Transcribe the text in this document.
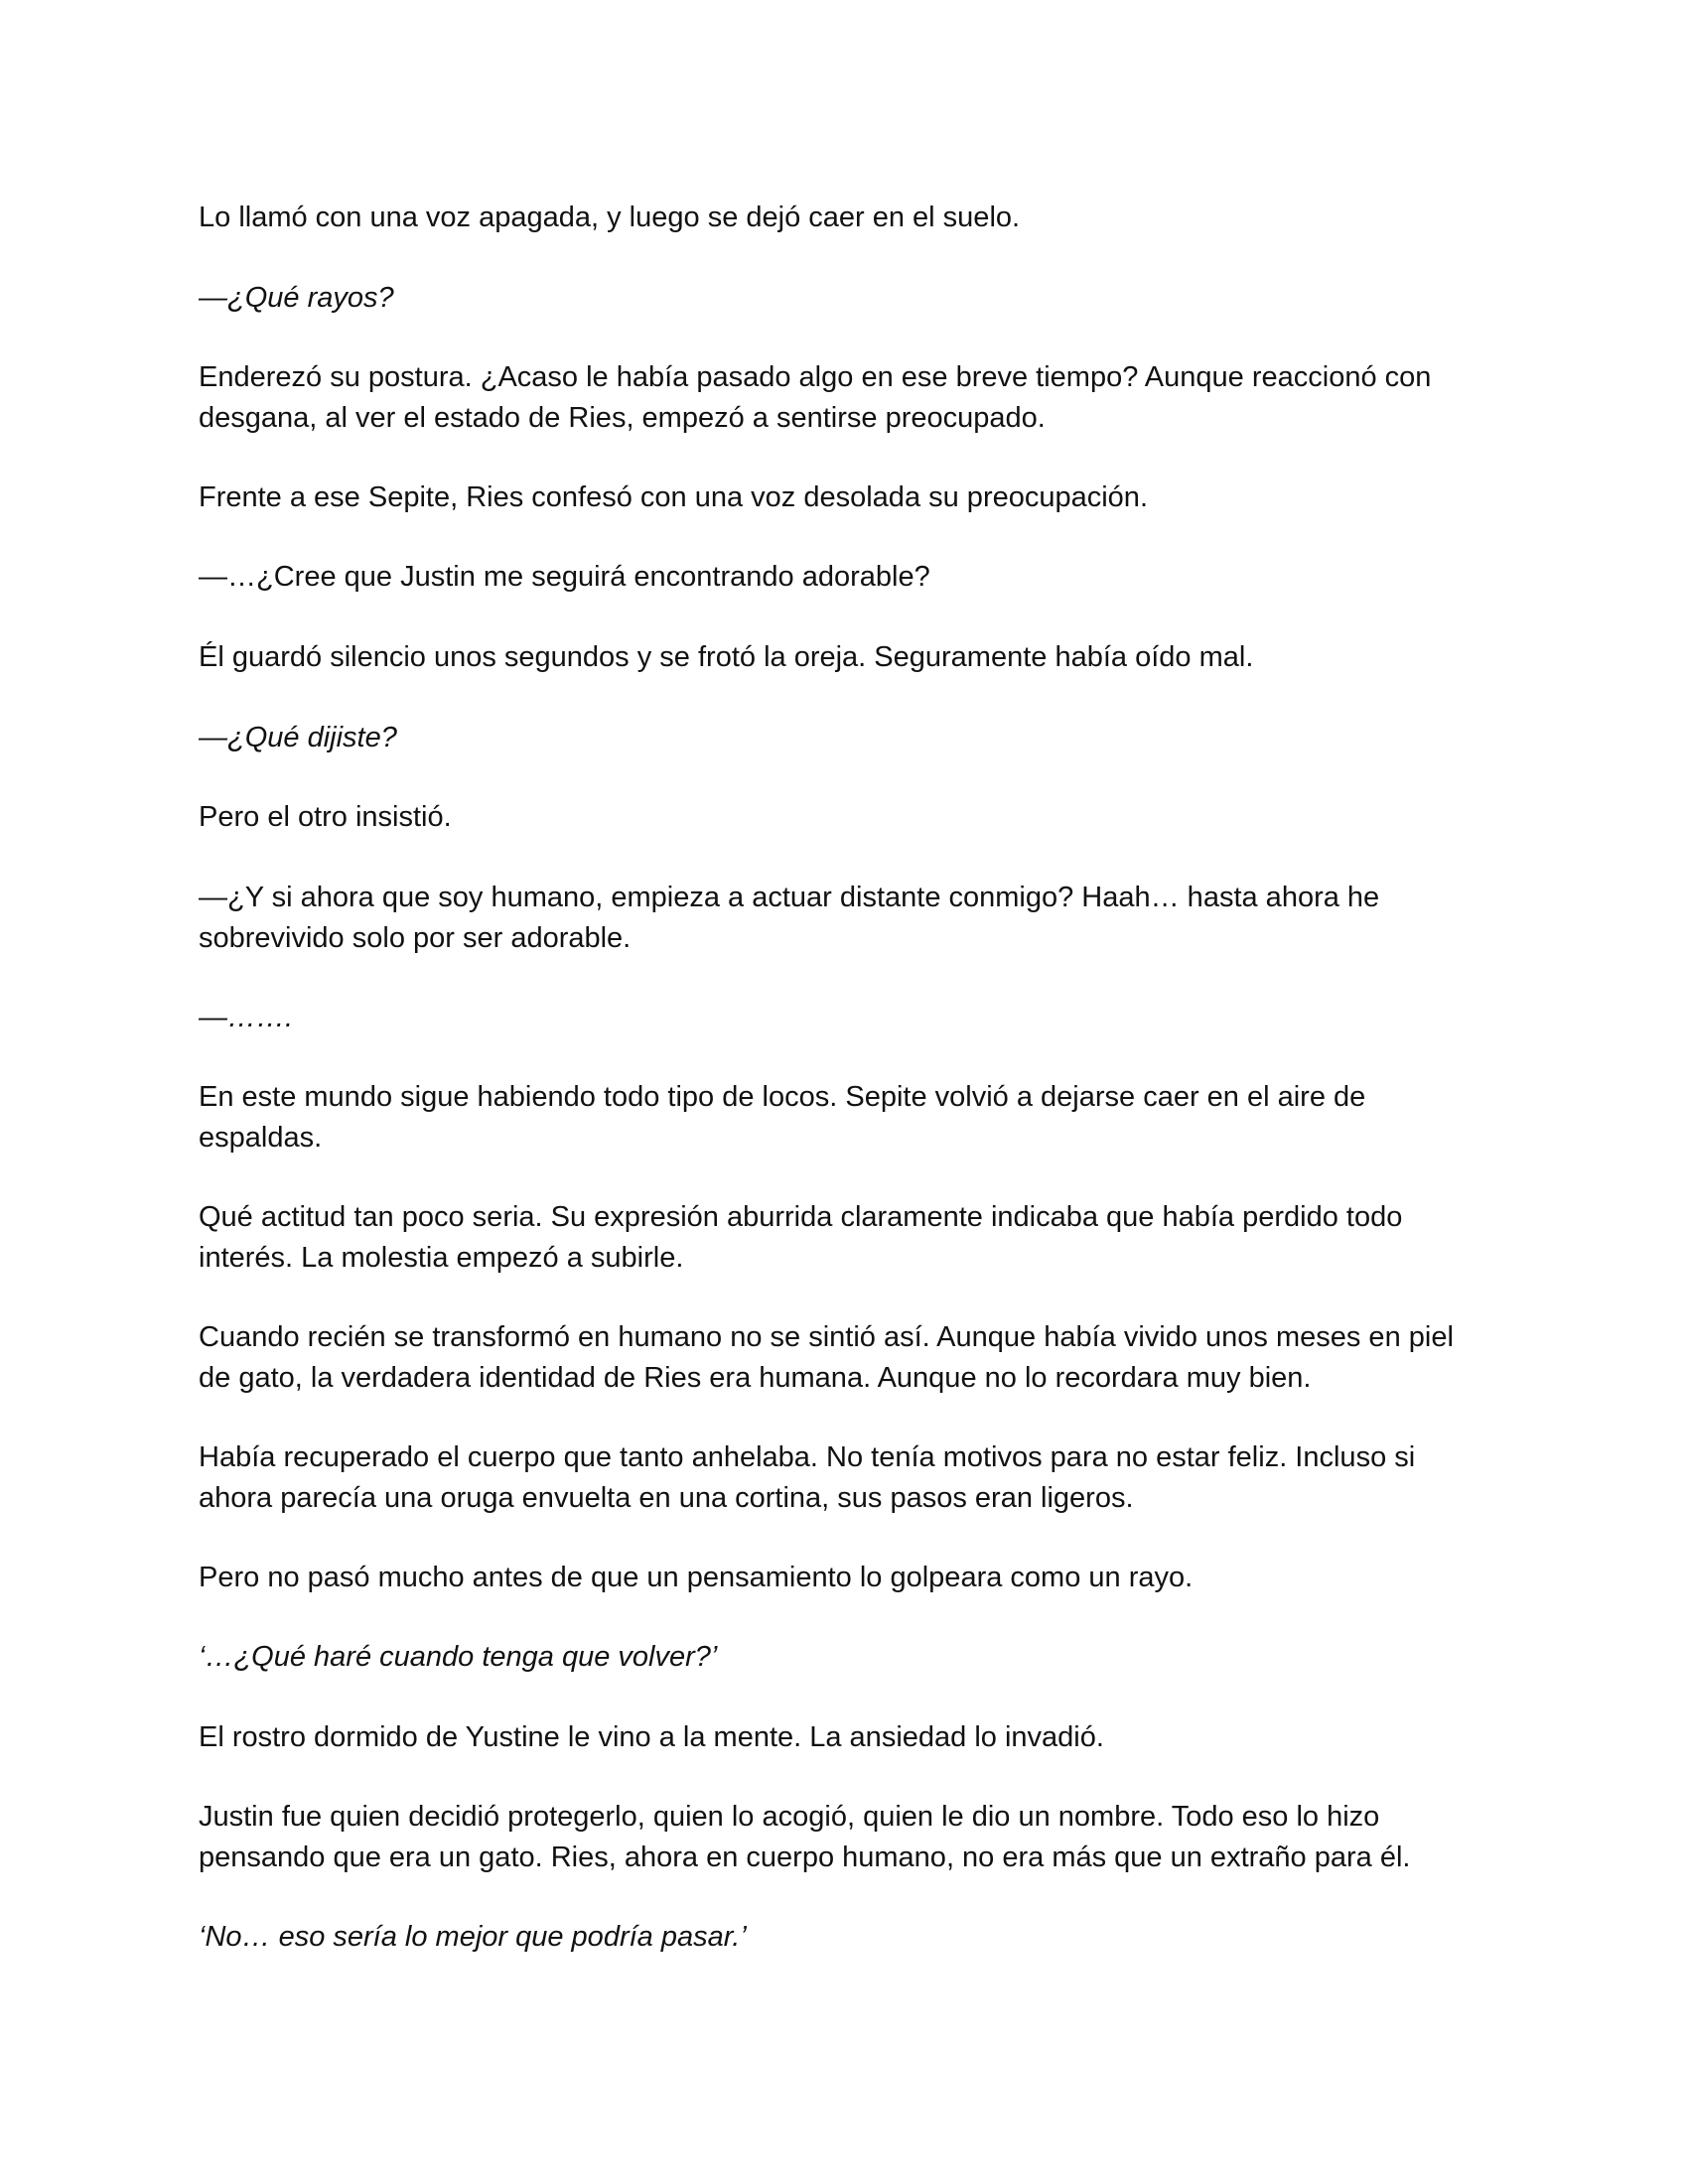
Lo llamó con una voz apagada, y luego se dejó caer en el suelo.

—¿Qué rayos?

Enderezó su postura. ¿Acaso le había pasado algo en ese breve tiempo? Aunque reaccionó con desgana, al ver el estado de Ries, empezó a sentirse preocupado.

Frente a ese Sepite, Ries confesó con una voz desolada su preocupación.

—…¿Cree que Justin me seguirá encontrando adorable?

Él guardó silencio unos segundos y se frotó la oreja. Seguramente había oído mal.

—¿Qué dijiste?

Pero el otro insistió.

—¿Y si ahora que soy humano, empieza a actuar distante conmigo? Haah… hasta ahora he sobrevivido solo por ser adorable.

—…….

En este mundo sigue habiendo todo tipo de locos. Sepite volvió a dejarse caer en el aire de espaldas.

Qué actitud tan poco seria. Su expresión aburrida claramente indicaba que había perdido todo interés. La molestia empezó a subirle.

Cuando recién se transformó en humano no se sintió así. Aunque había vivido unos meses en piel de gato, la verdadera identidad de Ries era humana. Aunque no lo recordara muy bien.

Había recuperado el cuerpo que tanto anhelaba. No tenía motivos para no estar feliz. Incluso si ahora parecía una oruga envuelta en una cortina, sus pasos eran ligeros.

Pero no pasó mucho antes de que un pensamiento lo golpeara como un rayo.

‘…¿Qué haré cuando tenga que volver?’

El rostro dormido de Yustine le vino a la mente. La ansiedad lo invadió.

Justin fue quien decidió protegerlo, quien lo acogió, quien le dio un nombre. Todo eso lo hizo pensando que era un gato. Ries, ahora en cuerpo humano, no era más que un extraño para él.

‘No… eso sería lo mejor que podría pasar.’
